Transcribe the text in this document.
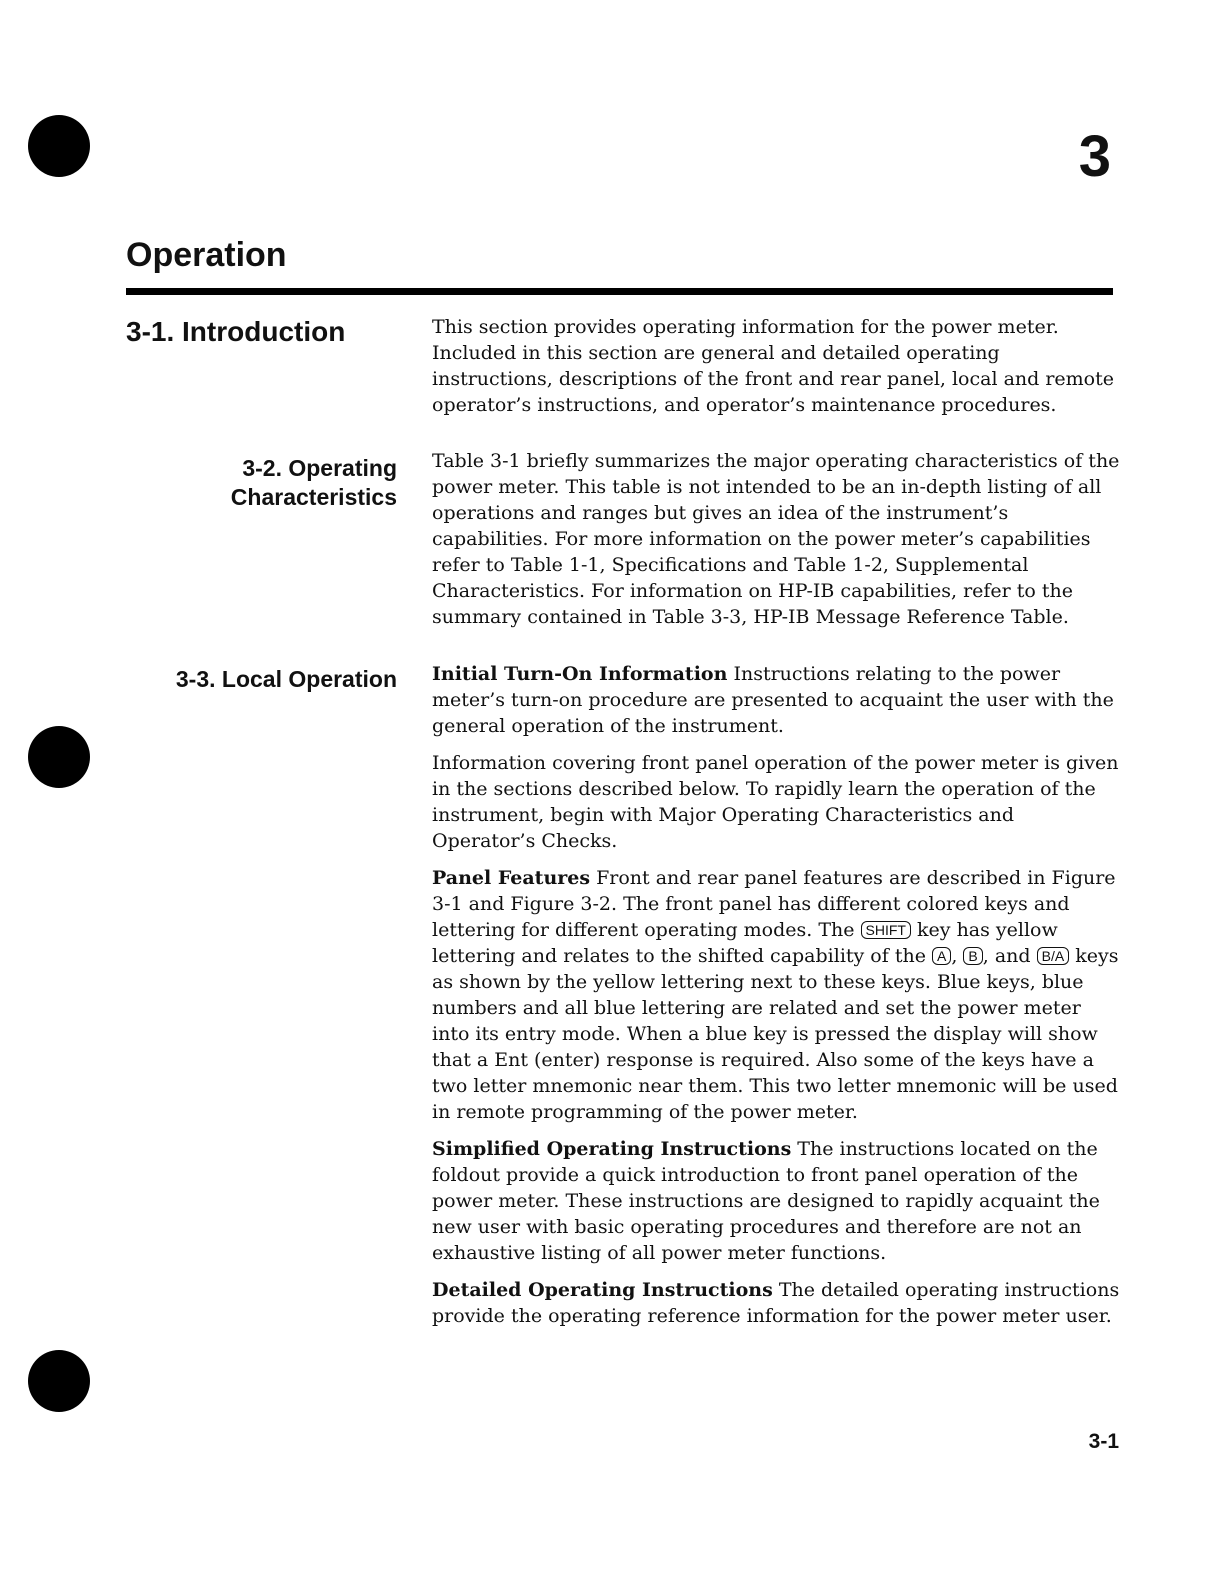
3
Operation
3-1. Introduction	This section provides operating information for the power meter. Included in this section are general and detailed operating instructions, descriptions of the front and rear panel, local and remote operator’s instructions, and operator’s maintenance procedures.

3-2. Operating
Characteristics

Table 3-1 briefly summarizes the major operating characteristics of the power meter. This table is not intended to be an in-depth listing of all operations and ranges but gives an idea of the instrument’s capabilities. For more information on the power meter’s capabilities refer to Table 1-1, Specifications and Table 1-2, Supplemental Characteristics. For information on HP-IB capabilities, refer to the summary contained in Table 3-3, HP-IB Message Reference Table.

3-3. Local Operation Initial Turn-On Information Instructions relating to the power meter’s turn-on procedure are presented to acquaint the user with the general operation of the instrument.

Information covering front panel operation of the power meter is given in the sections described below. To rapidly learn the operation of the instrument, begin with Major Operating Characteristics and Operator’s Checks.

Panel Features Front and rear panel features are described in Figure 3-1 and Figure 3-2. The front panel has different colored keys and lettering for different operating modes. The SHIFT key has yellow lettering and relates to the shifted capability of the A , B , and B/A keys as shown by the yellow lettering next to these keys. Blue keys, blue numbers and all blue lettering are related and set the power meter into its entry mode. When a blue key is pressed the display will show that a Ent (enter) response is required. Also some of the keys have a two letter mnemonic near them. This two letter mnemonic will be used in remote programming of the power meter.

Simplified Operating Instructions The instructions located on the foldout provide a quick introduction to front panel operation of the power meter. These instructions are designed to rapidly acquaint the new user with basic operating procedures and therefore are not an exhaustive listing of all power meter functions.

Detailed Operating Instructions The detailed operating instructions provide the operating reference information for the power meter user.

3-1
